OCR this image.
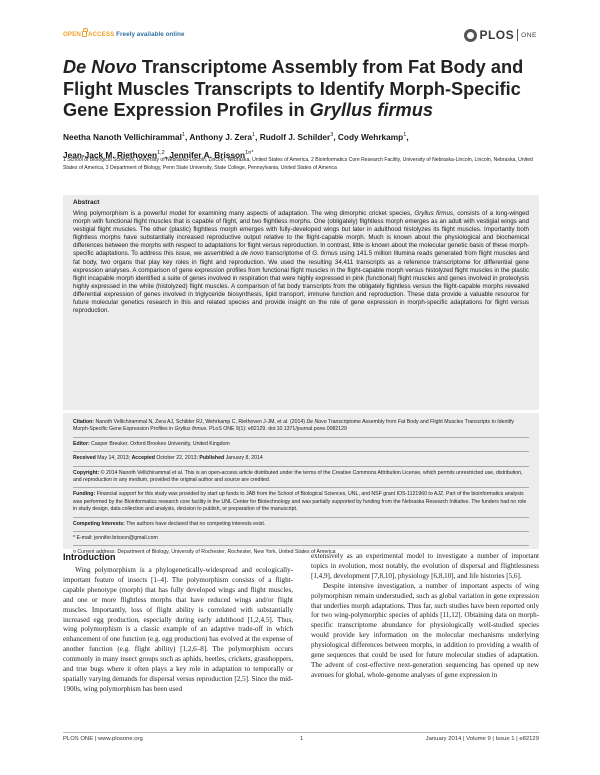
OPEN ACCESS Freely available online	PLOS ONE
De Novo Transcriptome Assembly from Fat Body and
Flight Muscles Transcripts to Identify Morph-Specific
Gene Expression Profiles in Gryllus firmus
Neetha Nanoth Vellichirammal$^1$, Anthony J. Zera$^1$, Rudolf J. Schilder$^3$, Cody Wehrkamp$^1$,
Jean-Jack M. Riethoven$^{1,2}$, Jennifer A. Brisson$^{1¤*}$
1 School of Biological Sciences, University of Nebraska-Lincoln, Lincoln, Nebraska, United States of America, 2 Bioinformatics Core Research Facility, University of Nebraska-Lincoln, Lincoln, Nebraska, United States of America, 3 Department of Biology, Penn State University, State College, Pennsylvania, United States of America
Abstract

Wing polymorphism is a powerful model for examining many aspects of adaptation. The wing dimorphic cricket species, Gryllus firmus, consists of a long-winged morph with functional flight muscles that is capable of flight, and two flightless morphs. One (obligately) flightless morph emerges as an adult with vestigial wings and vestigial flight muscles. The other (plastic) flightless morph emerges with fully-developed wings but later in adulthood histolyzes its flight muscles. Importantly both flightless morphs have substantially increased reproductive output relative to the flight-capable morph. Much is known about the physiological and biochemical differences between the morphs with respect to adaptations for flight versus reproduction. In contrast, little is known about the molecular genetic basis of these morph-specific adaptations. To address this issue, we assembled a de novo transcriptome of G. firmus using 141.5 million Illumina reads generated from flight muscles and fat body, two organs that play key roles in flight and reproduction. We used the resulting 34,411 transcripts as a reference transcriptome for differential gene expression analyses. A comparison of gene expression profiles from functional flight muscles in the flight-capable morph versus histolyzed flight muscles in the plastic flight incapable morph identified a suite of genes involved in respiration that were highly expressed in pink (functional) flight muscles and genes involved in proteolysis highly expressed in the white (histolyzed) flight muscles. A comparison of fat body transcripts from the obligately flightless versus the flight-capable morphs revealed differential expression of genes involved in triglyceride biosynthesis, lipid transport, immune function and reproduction. These data provide a valuable resource for future molecular genetics research in this and related species and provide insight on the role of gene expression in morph-specific adaptations for flight versus reproduction.

Citation: Nanoth Vellichirammal N, Zera AJ, Schilder RJ, Wehrkamp C, Riethoven J-JM, et al. (2014) De Novo Transcriptome Assembly from Fat Body and Flight Muscles Transcripts to Identify Morph-Specific Gene Expression Profiles in Gryllus firmus. PLoS ONE 9(1): e82129. doi:10.1371/journal.pone.0082129
Editor: Casper Breuker, Oxford Brookes University, United Kingdom
Received May 14, 2013; Accepted October 22, 2013; Published January 8, 2014
Copyright: © 2014 Nanoth Vellichirammal et al. This is an open-access article distributed under the terms of the Creative Commons Attribution License, which permits unrestricted use, distribution, and reproduction in any medium, provided the original author and source are credited.
Funding: Financial support for this study was provided by start up funds to JAB from the School of Biological Sciences, UNL, and NSF grant IOS-1121960 to AJZ. Part of the bioinformatics analysis was performed by the Bioinformatics research core facility in the UNL Center for Biotechnology and was partially supported by funding from the Nebraska Research Initiative. The funders had no role in study design, data collection and analysis, decision to publish, or preparation of the manuscript.
Competing Interests: The authors have declared that no competing interests exist.
* E-mail: jennifer.brisson@gmail.com
¤ Current address: Department of Biology, University of Rochester, Rochester, New York, United States of America
Introduction

Wing polymorphism is a phylogenetically-widespread and ecologically-important feature of insects [1–4]. The polymorphism consists of a flight-capable phenotype (morph) that has fully developed wings and flight muscles, and one or more flightless morphs that have reduced wings and/or flight muscles. Importantly, loss of flight ability is correlated with substantially increased egg production, especially during early adulthood [1,2,4,5]. Thus, wing polymorphism is a classic example of an adaptive trade-off in which enhancement of one function (e.g. egg production) has evolved at the expense of another function (e.g. flight ability) [1,2,6–8]. The polymorphism occurs commonly in many insect groups such as aphids, beetles, crickets, grasshoppers, and true bugs where it often plays a key role in adaptation to temporally or spatially varying demands for dispersal versus reproduction [2,5]. Since the mid-1900s, wing polymorphism has been used

extensively as an experimental model to investigate a number of important topics in evolution, most notably, the evolution of dispersal and flightlessness [1,4,9], development [7,8,10], physiology [6,8,10], and life histories [5,6].

Despite intensive investigation, a number of important aspects of wing polymorphism remain understudied, such as global variation in gene expression that underlies morph adaptations. Thus far, such studies have been reported only for two wing-polymorphic species of aphids [11,12]. Obtaining data on morph-specific transcriptome abundance for physiologically well-studied species would provide key information on the molecular mechanisms underlying physiological differences between morphs, in addition to providing a wealth of gene sequences that could be used for future molecular studies of adaptation. The advent of cost-effective next-generation sequencing has opened up new avenues for global, whole-genome analyses of gene expression in

PLOS ONE | www.plosone.org	1	January 2014 | Volume 9 | Issue 1 | e82129
